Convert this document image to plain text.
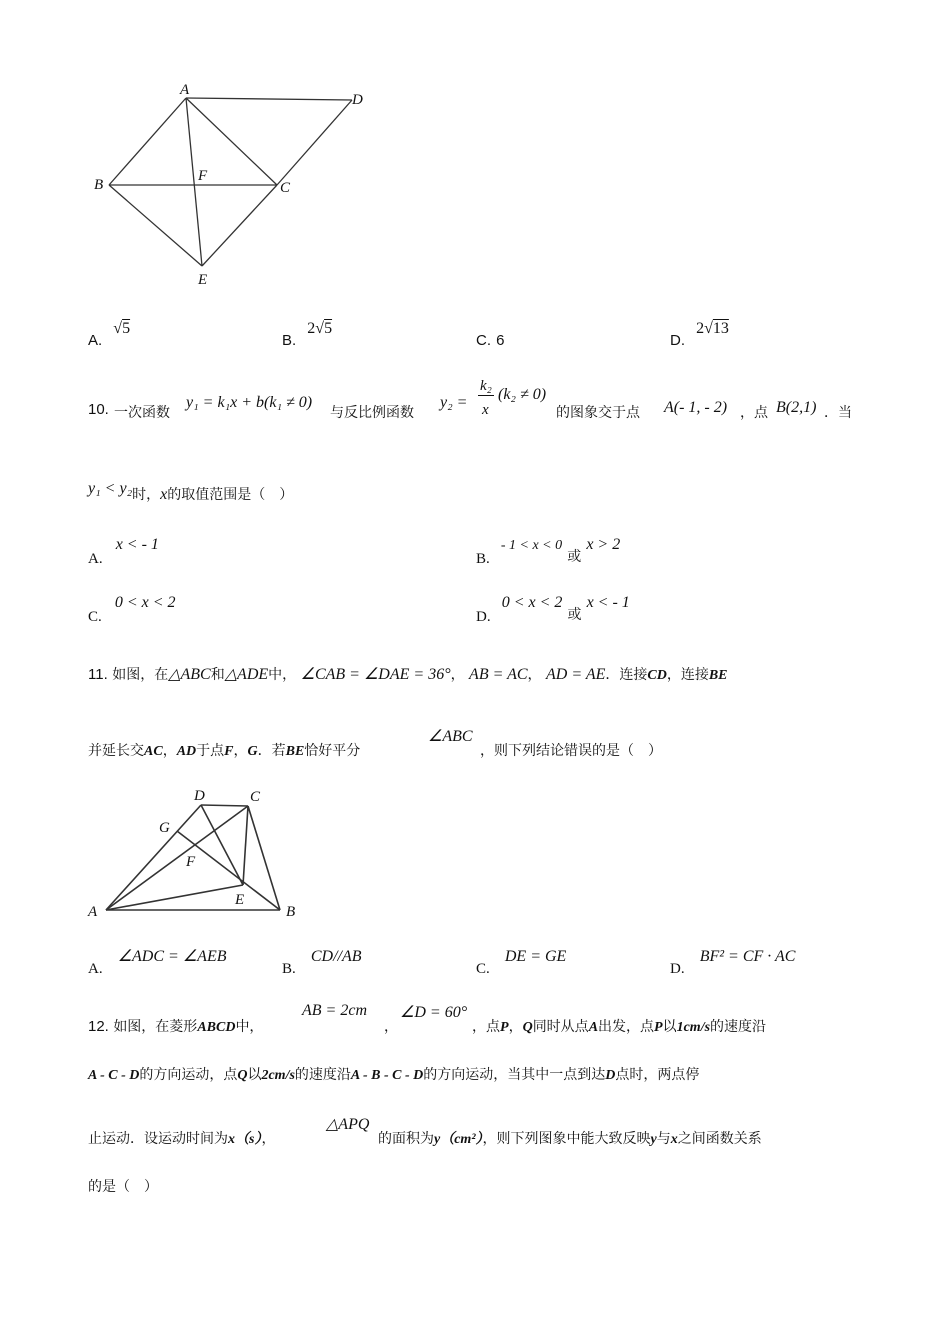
A
D
B
F
C
E
A. √5
B. 2√5
C. 6	D. 2√13
10. 一次函数
y₁ = k₁x + b(k₁ ≠ 0)
与反比例函数
y₂ =
k₂
x
(k₂ ≠ 0)
的图象交于点 A(- 1, - 2) ，点 B(2,1) ．当
y₁ < y₂时，x的取值范围是（　）
A. x < - 1
B. - 1 < x < 0 或 x > 2
C. 0 < x < 2
D. 0 < x < 2 或 x < - 1
11. 如图，在△ABC和△ADE中， ∠CAB = ∠DAE = 36°， AB = AC， AD = AE．连接CD，连接BE
并延长交AC，AD于点F，G．若BE恰好平分
∠ABC
，则下列结论错误的是（　）
D	C
G
F
E
A	B
A. ∠ADC = ∠AEB
B. CD//AB
C. DE = GE
D. BF² = CF · AC
12. 如图，在菱形ABCD中，
AB = 2cm
，
∠D = 60°
，点P，Q同时从点A出发，点P以1cm/s的速度沿
A - C - D的方向运动，点Q以2cm/s的速度沿A - B - C - D的方向运动，当其中一点到达D点时，两点停
止运动．设运动时间为x（s），
△APQ
的面积为y（cm²），则下列图象中能大致反映y与x之间函数关系
的是（　）
